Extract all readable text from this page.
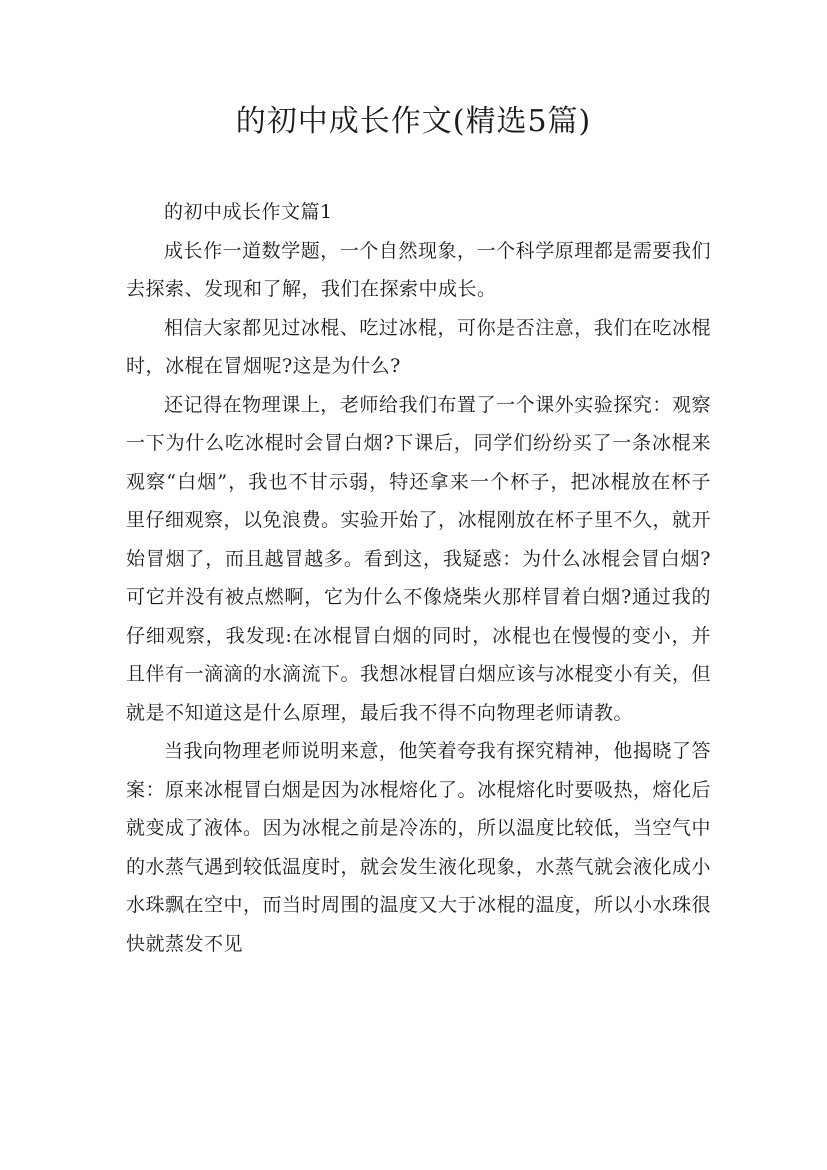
的初中成长作文(精选5篇)

的初中成长作文篇1

成长作一道数学题，一个自然现象，一个科学原理都是需要我们去探索、发现和了解，我们在探索中成长。

相信大家都见过冰棍、吃过冰棍，可你是否注意，我们在吃冰棍时，冰棍在冒烟呢?这是为什么?

还记得在物理课上，老师给我们布置了一个课外实验探究：观察一下为什么吃冰棍时会冒白烟?下课后，同学们纷纷买了一条冰棍来观察“白烟”，我也不甘示弱，特还拿来一个杯子，把冰棍放在杯子里仔细观察，以免浪费。实验开始了，冰棍刚放在杯子里不久，就开始冒烟了，而且越冒越多。看到这，我疑惑：为什么冰棍会冒白烟?可它并没有被点燃啊，它为什么不像烧柴火那样冒着白烟?通过我的仔细观察，我发现:在冰棍冒白烟的同时，冰棍也在慢慢的变小，并且伴有一滴滴的水滴流下。我想冰棍冒白烟应该与冰棍变小有关，但就是不知道这是什么原理，最后我不得不向物理老师请教。

当我向物理老师说明来意，他笑着夸我有探究精神，他揭晓了答案：原来冰棍冒白烟是因为冰棍熔化了。冰棍熔化时要吸热，熔化后就变成了液体。因为冰棍之前是冷冻的，所以温度比较低，当空气中的水蒸气遇到较低温度时，就会发生液化现象，水蒸气就会液化成小水珠飘在空中，而当时周围的温度又大于冰棍的温度，所以小水珠很快就蒸发不见
